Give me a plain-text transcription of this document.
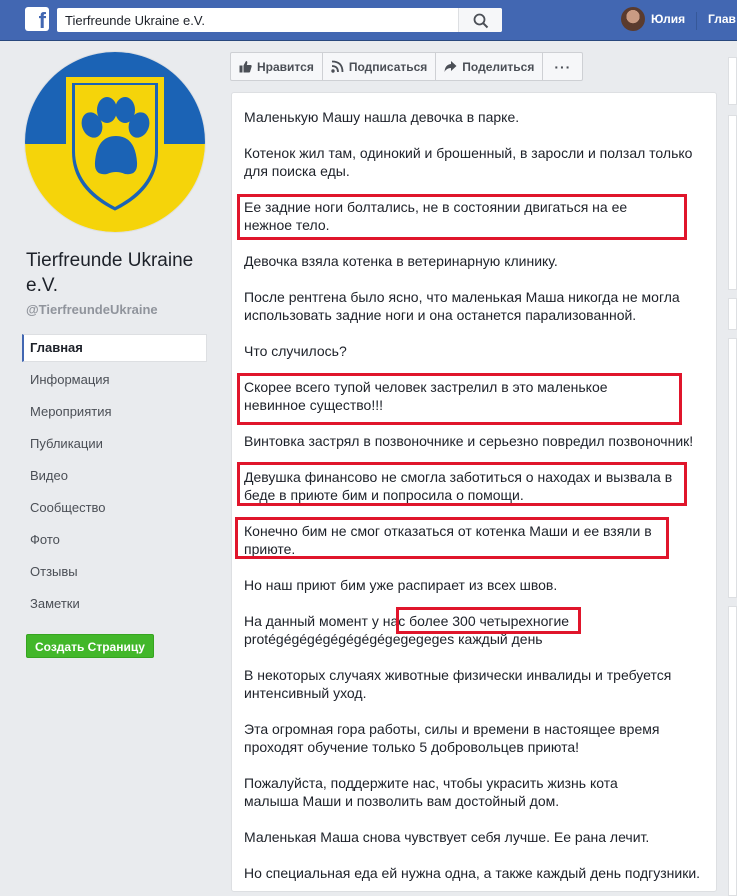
f
Tierfreunde Ukraine e.V.	Юлия Глав
Tierfreunde Ukraine e.V.
@TierfreundeUkraine
Главная
Информация
Мероприятия
Публикации
Видео
Сообщество
Фото
Отзывы
Заметки
Создать Страницу
Нравится	Подписаться	Поделиться ···
Маленькую Машу нашла девочка в парке.
Котенок жил там, одинокий и брошенный, в заросли и ползал только для поиска еды.
Ее задние ноги болтались, не в состоянии двигаться на ее нежное тело.
Девочка взяла котенка в ветеринарную клинику.
После рентгена было ясно, что маленькая Маша никогда не могла использовать задние ноги и она останется парализованной.
Что случилось?
Скорее всего тупой человек застрелил в это маленькое невинное существо!!!
Винтовка застрял в позвоночнике и серьезно повредил позвоночник!
Девушка финансово не смогла заботиться о находах и вызвала в беде в приюте бим и попросила о помощи.
Конечно бим не смог отказаться от котенка Маши и ее взяли в приюте.
Но наш приют бим уже распирает из всех швов.
На данный момент у нас более 300 четырехногие protégégégégégégégégegegeges каждый день
В некоторых случаях животные физически инвалиды и требуется интенсивный уход.
Эта огромная гора работы, силы и времени в настоящее время проходят обучение только 5 добровольцев приюта!
Пожалуйста, поддержите нас, чтобы украсить жизнь кота малыша Маши и позволить вам достойный дом.
Маленькая Маша снова чувствует себя лучше. Ее рана лечит.
Но специальная еда ей нужна одна, а также каждый день подгузники.
